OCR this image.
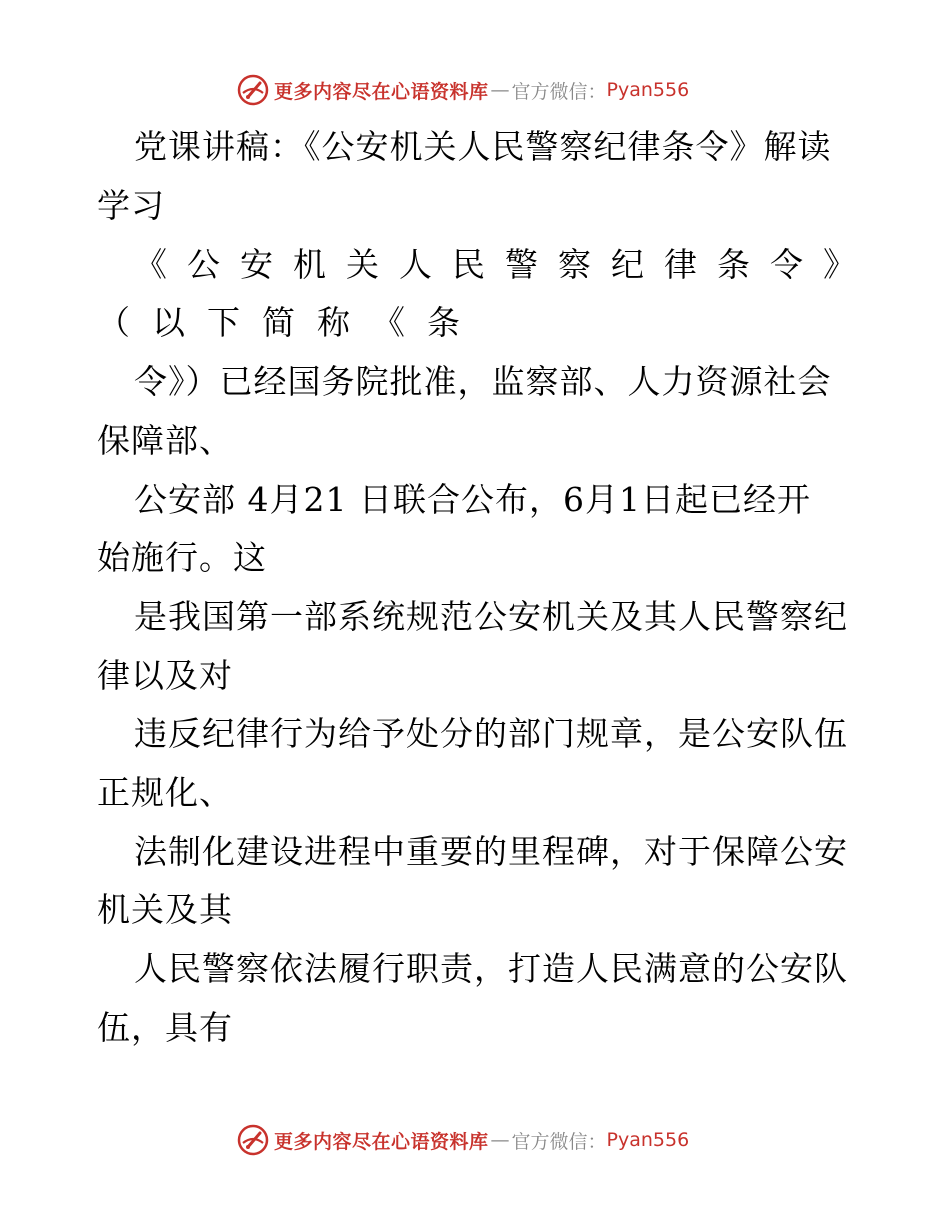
更多内容尽在心语资料库 — 官方微信： Pyan556
党课讲稿：《公安机关人民警察纪律条令》解读
学习
《公安机关人民警察纪律条令》
（以下简称《条
令》）已经国务院批准，监察部、人力资源社会
保障部、
公安部 4月21 日联合公布，6月1日起已经开
始施行。这
是我国第一部系统规范公安机关及其人民警察纪
律以及对
违反纪律行为给予处分的部门规章，是公安队伍
正规化、
法制化建设进程中重要的里程碑，对于保障公安
机关及其
人民警察依法履行职责，打造人民满意的公安队
伍，具有
更多内容尽在心语资料库 — 官方微信： Pyan556
